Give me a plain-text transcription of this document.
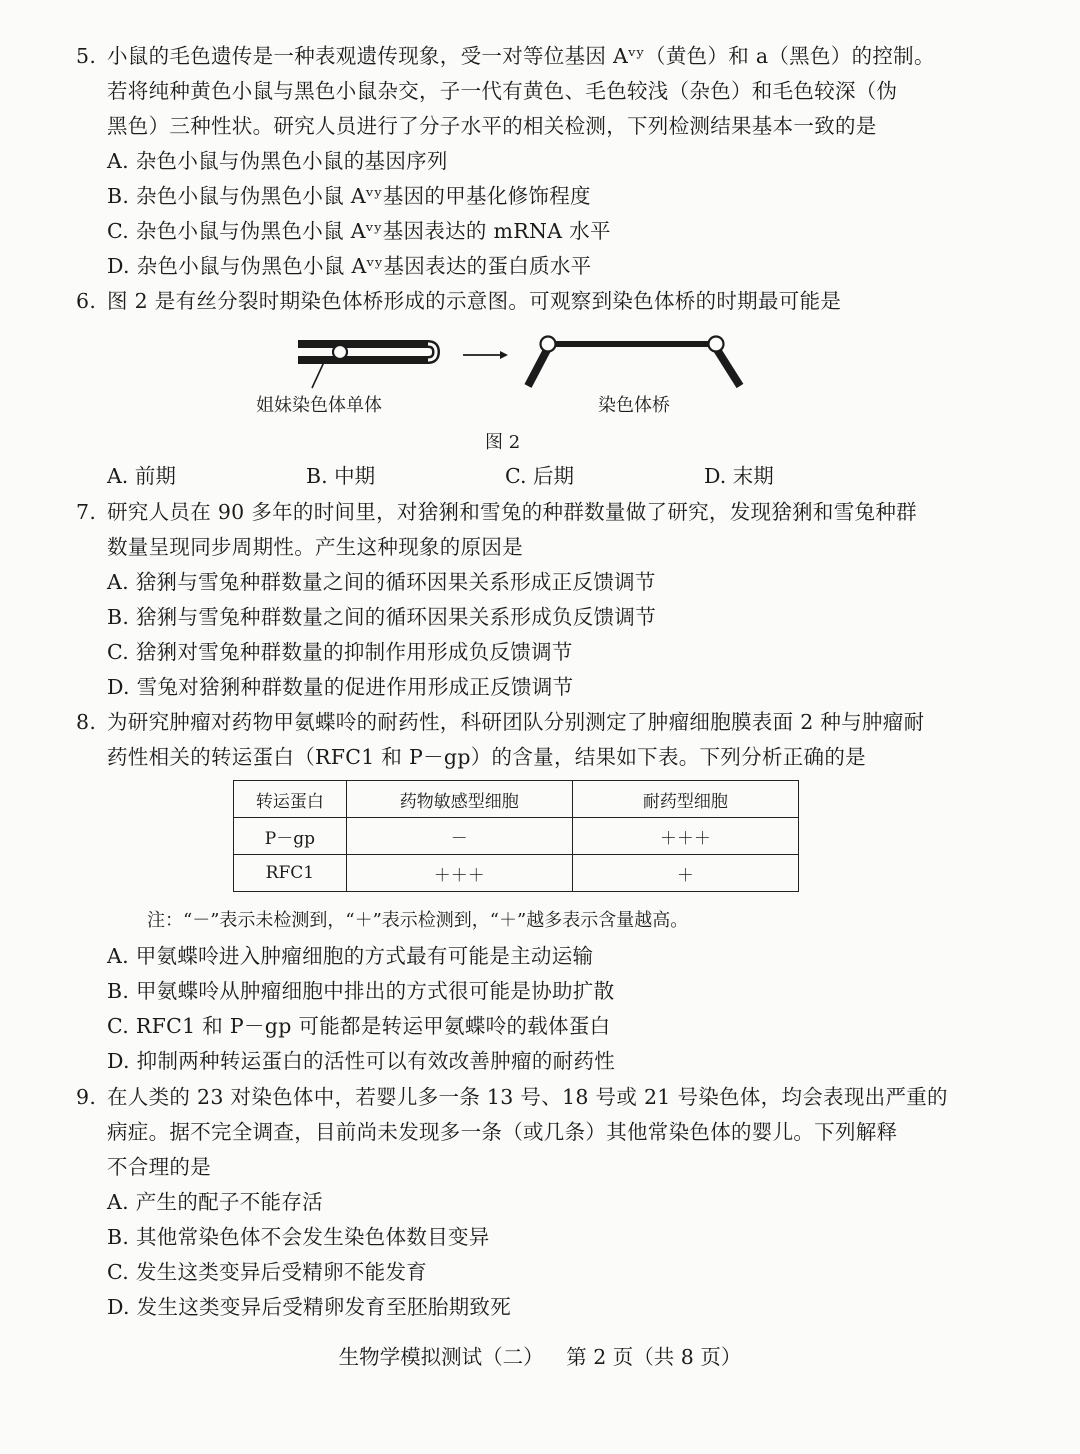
5. 小鼠的毛色遗传是一种表观遗传现象，受一对等位基因 Aᵛʸ（黄色）和 a（黑色）的控制。
若将纯种黄色小鼠与黑色小鼠杂交，子一代有黄色、毛色较浅（杂色）和毛色较深（伪
黑色）三种性状。研究人员进行了分子水平的相关检测，下列检测结果基本一致的是
A. 杂色小鼠与伪黑色小鼠的基因序列
B. 杂色小鼠与伪黑色小鼠 Aᵛʸ基因的甲基化修饰程度
C. 杂色小鼠与伪黑色小鼠 Aᵛʸ基因表达的 mRNA 水平
D. 杂色小鼠与伪黑色小鼠 Aᵛʸ基因表达的蛋白质水平
6. 图 2 是有丝分裂时期染色体桥形成的示意图。可观察到染色体桥的时期最可能是
姐妹染色体单体	染色体桥
图 2
A. 前期	B. 中期	C. 后期	D. 末期
7. 研究人员在 90 多年的时间里，对猞猁和雪兔的种群数量做了研究，发现猞猁和雪兔种群
数量呈现同步周期性。产生这种现象的原因是
A. 猞猁与雪兔种群数量之间的循环因果关系形成正反馈调节
B. 猞猁与雪兔种群数量之间的循环因果关系形成负反馈调节
C. 猞猁对雪兔种群数量的抑制作用形成负反馈调节
D. 雪兔对猞猁种群数量的促进作用形成正反馈调节
8. 为研究肿瘤对药物甲氨蝶呤的耐药性，科研团队分别测定了肿瘤细胞膜表面 2 种与肿瘤耐
药性相关的转运蛋白（RFC1 和 P－gp）的含量，结果如下表。下列分析正确的是
转运蛋白	药物敏感型细胞	耐药型细胞
P－gp	－	＋＋＋
RFC1	＋＋＋	＋
注：“－”表示未检测到，“＋”表示检测到，“＋”越多表示含量越高。
A. 甲氨蝶呤进入肿瘤细胞的方式最有可能是主动运输
B. 甲氨蝶呤从肿瘤细胞中排出的方式很可能是协助扩散
C. RFC1 和 P－gp 可能都是转运甲氨蝶呤的载体蛋白
D. 抑制两种转运蛋白的活性可以有效改善肿瘤的耐药性
9. 在人类的 23 对染色体中，若婴儿多一条 13 号、18 号或 21 号染色体，均会表现出严重的
病症。据不完全调查，目前尚未发现多一条（或几条）其他常染色体的婴儿。下列解释
不合理的是
A. 产生的配子不能存活
B. 其他常染色体不会发生染色体数目变异
C. 发生这类变异后受精卵不能发育
D. 发生这类变异后受精卵发育至胚胎期致死
生物学模拟测试（二） 第 2 页（共 8 页）
